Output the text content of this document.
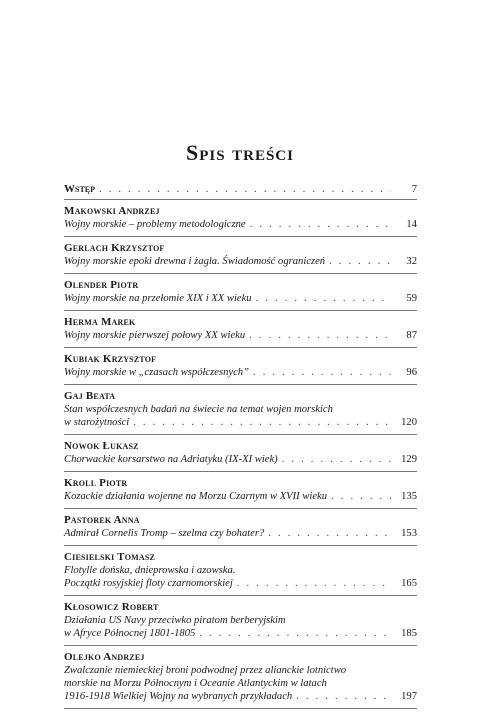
Spis treści
Wstęp . . .	7
Makowski Andrzej
Wojny morskie – problemy metodologiczne . . .	14
Gerlach Krzysztof
Wojny morskie epoki drewna i żagla. Świadomość ograniczeń . . .	32
Olender Piotr
Wojny morskie na przełomie XIX i XX wieku . . .	59
Herma Marek
Wojny morskie pierwszej połowy XX wieku . . .	87
Kubiak Krzysztof
Wojny morskie w „czasach współczesnych” . . .	96
Gaj Beata
Stan współczesnych badań na świecie na temat wojen morskich
w starożytności . . .	120
Nowok Łukasz
Chorwackie korsarstwo na Adriatyku (IX-XI wiek) . . .	129
Kroll Piotr
Kozackie działania wojenne na Morzu Czarnym w XVII wieku . . .	135
Pastorek Anna
Admirał Cornelis Tromp – szelma czy bohater? . . .	153
Ciesielski Tomasz
Flotylle dońska, dnieprowska i azowska.
Początki rosyjskiej floty czarnomorskiej . . .	165
Kłosowicz Robert
Działania US Navy przeciwko piratom berberyjskim
w Afryce Północnej 1801-1805 . . .	185
Olejko Andrzej
Zwalczanie niemieckiej broni podwodnej przez alianckie lotnictwo
morskie na Morzu Północnym i Oceanie Atlantyckim w latach
1916-1918 Wielkiej Wojny na wybranych przykładach . . .	197
